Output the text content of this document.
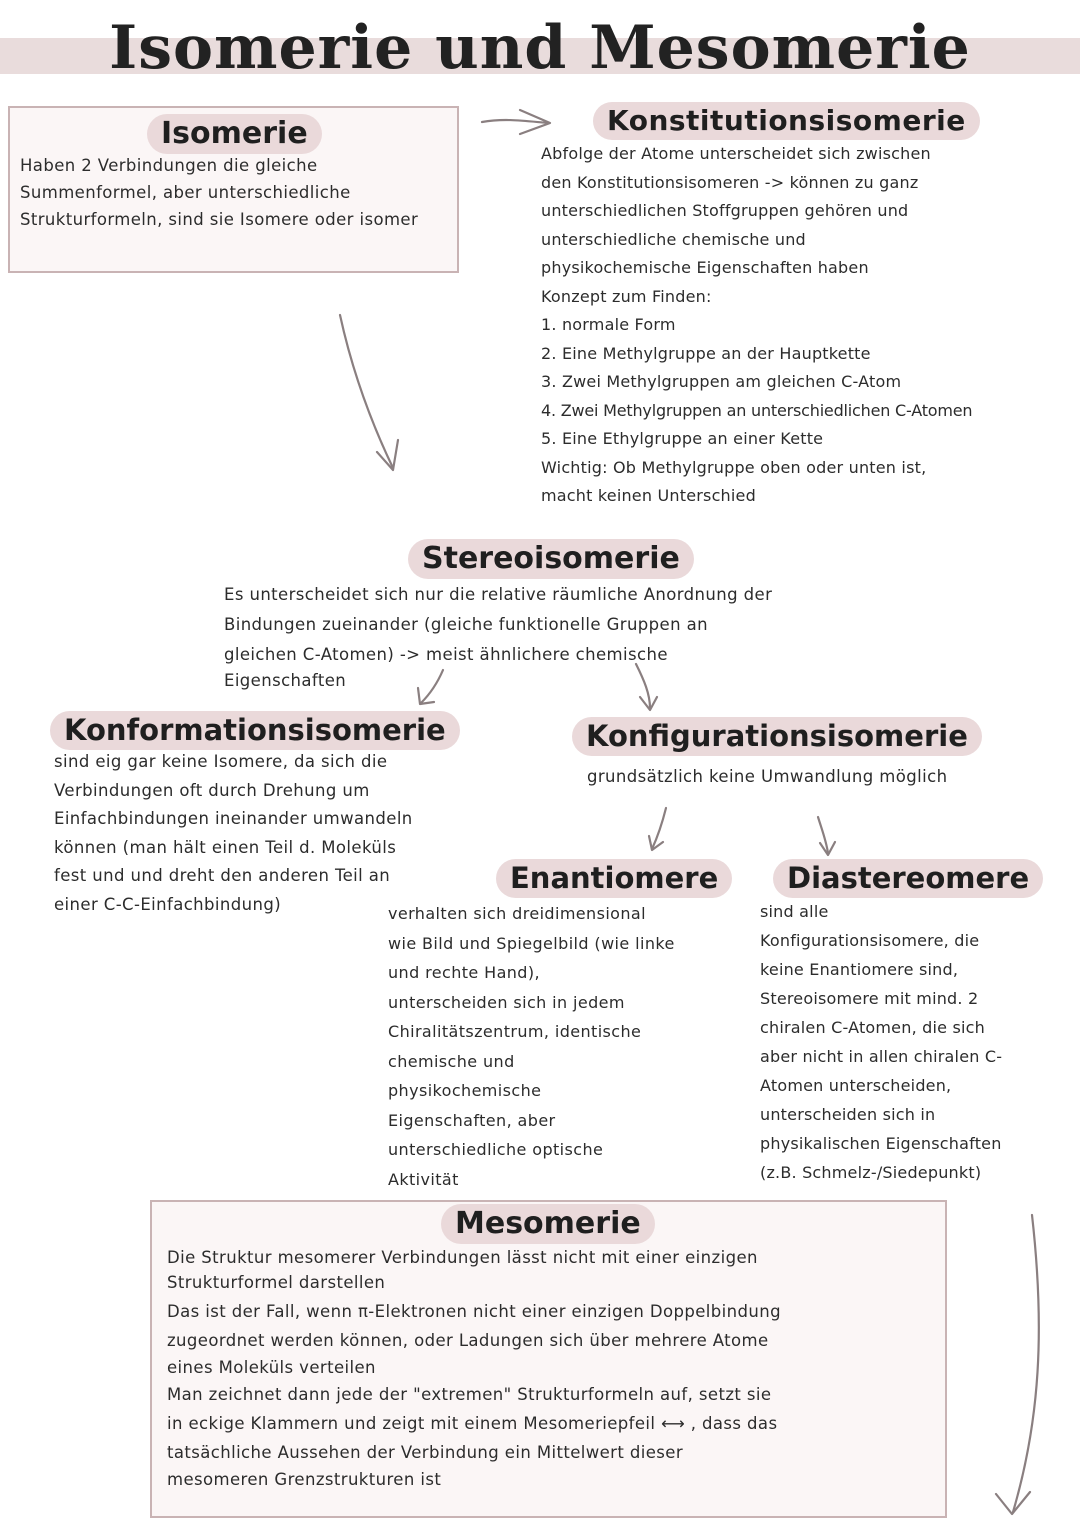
Isomerie und Mesomerie
Isomerie

Haben 2 Verbindungen die gleiche Summenformel, aber unterschiedliche Strukturformeln, sind sie Isomere oder isomer

Konstitutionsisomerie

Abfolge der Atome unterscheidet sich zwischen

den Konstitutionsisomeren -> können zu ganz

unterschiedlichen Stoffgruppen gehören und

unterschiedliche chemische und

physikochemische Eigenschaften haben

Konzept zum Finden:

1. normale Form

2. Eine Methylgruppe an der Hauptkette

3. Zwei Methylgruppen am gleichen C-Atom

4. Zwei Methylgruppen an unterschiedlichen C-Atomen

5. Eine Ethylgruppe an einer Kette

Wichtig: Ob Methylgruppe oben oder unten ist,

macht keinen Unterschied

Stereoisomerie

Es unterscheidet sich nur die relative räumliche Anordnung der

Bindungen zueinander (gleiche funktionelle Gruppen an

gleichen C-Atomen) -> meist ähnlichere chemische

Eigenschaften

Konformationsisomerie

sind eig gar keine Isomere, da sich die

Verbindungen oft durch Drehung um

Einfachbindungen ineinander umwandeln

können (man hält einen Teil d. Moleküls

fest und und dreht den anderen Teil an

einer C-C-Einfachbindung)

Konfigurationsisomerie

grundsätzlich keine Umwandlung möglich

Enantiomere

verhalten sich dreidimensional

wie Bild und Spiegelbild (wie linke

und rechte Hand),

unterscheiden sich in jedem

Chiralitätszentrum, identische

chemische und

physikochemische

Eigenschaften, aber

unterschiedliche optische

Aktivität

Diastereomere

sind alle

Konfigurationsisomere, die

keine Enantiomere sind,

Stereoisomere mit mind. 2

chiralen C-Atomen, die sich

aber nicht in allen chiralen C-

Atomen unterscheiden,

unterscheiden sich in

physikalischen Eigenschaften

(z.B. Schmelz-/Siedepunkt)

Mesomerie

Die Struktur mesomerer Verbindungen lässt nicht mit einer einzigen

Strukturformel darstellen

Das ist der Fall, wenn π-Elektronen nicht einer einzigen Doppelbindung

zugeordnet werden können, oder Ladungen sich über mehrere Atome

eines Moleküls verteilen

Man zeichnet dann jede der "extremen" Strukturformeln auf, setzt sie

in eckige Klammern und zeigt mit einem Mesomeriepfeil ⟷ , dass das

tatsächliche Aussehen der Verbindung ein Mittelwert dieser

mesomeren Grenzstrukturen ist
